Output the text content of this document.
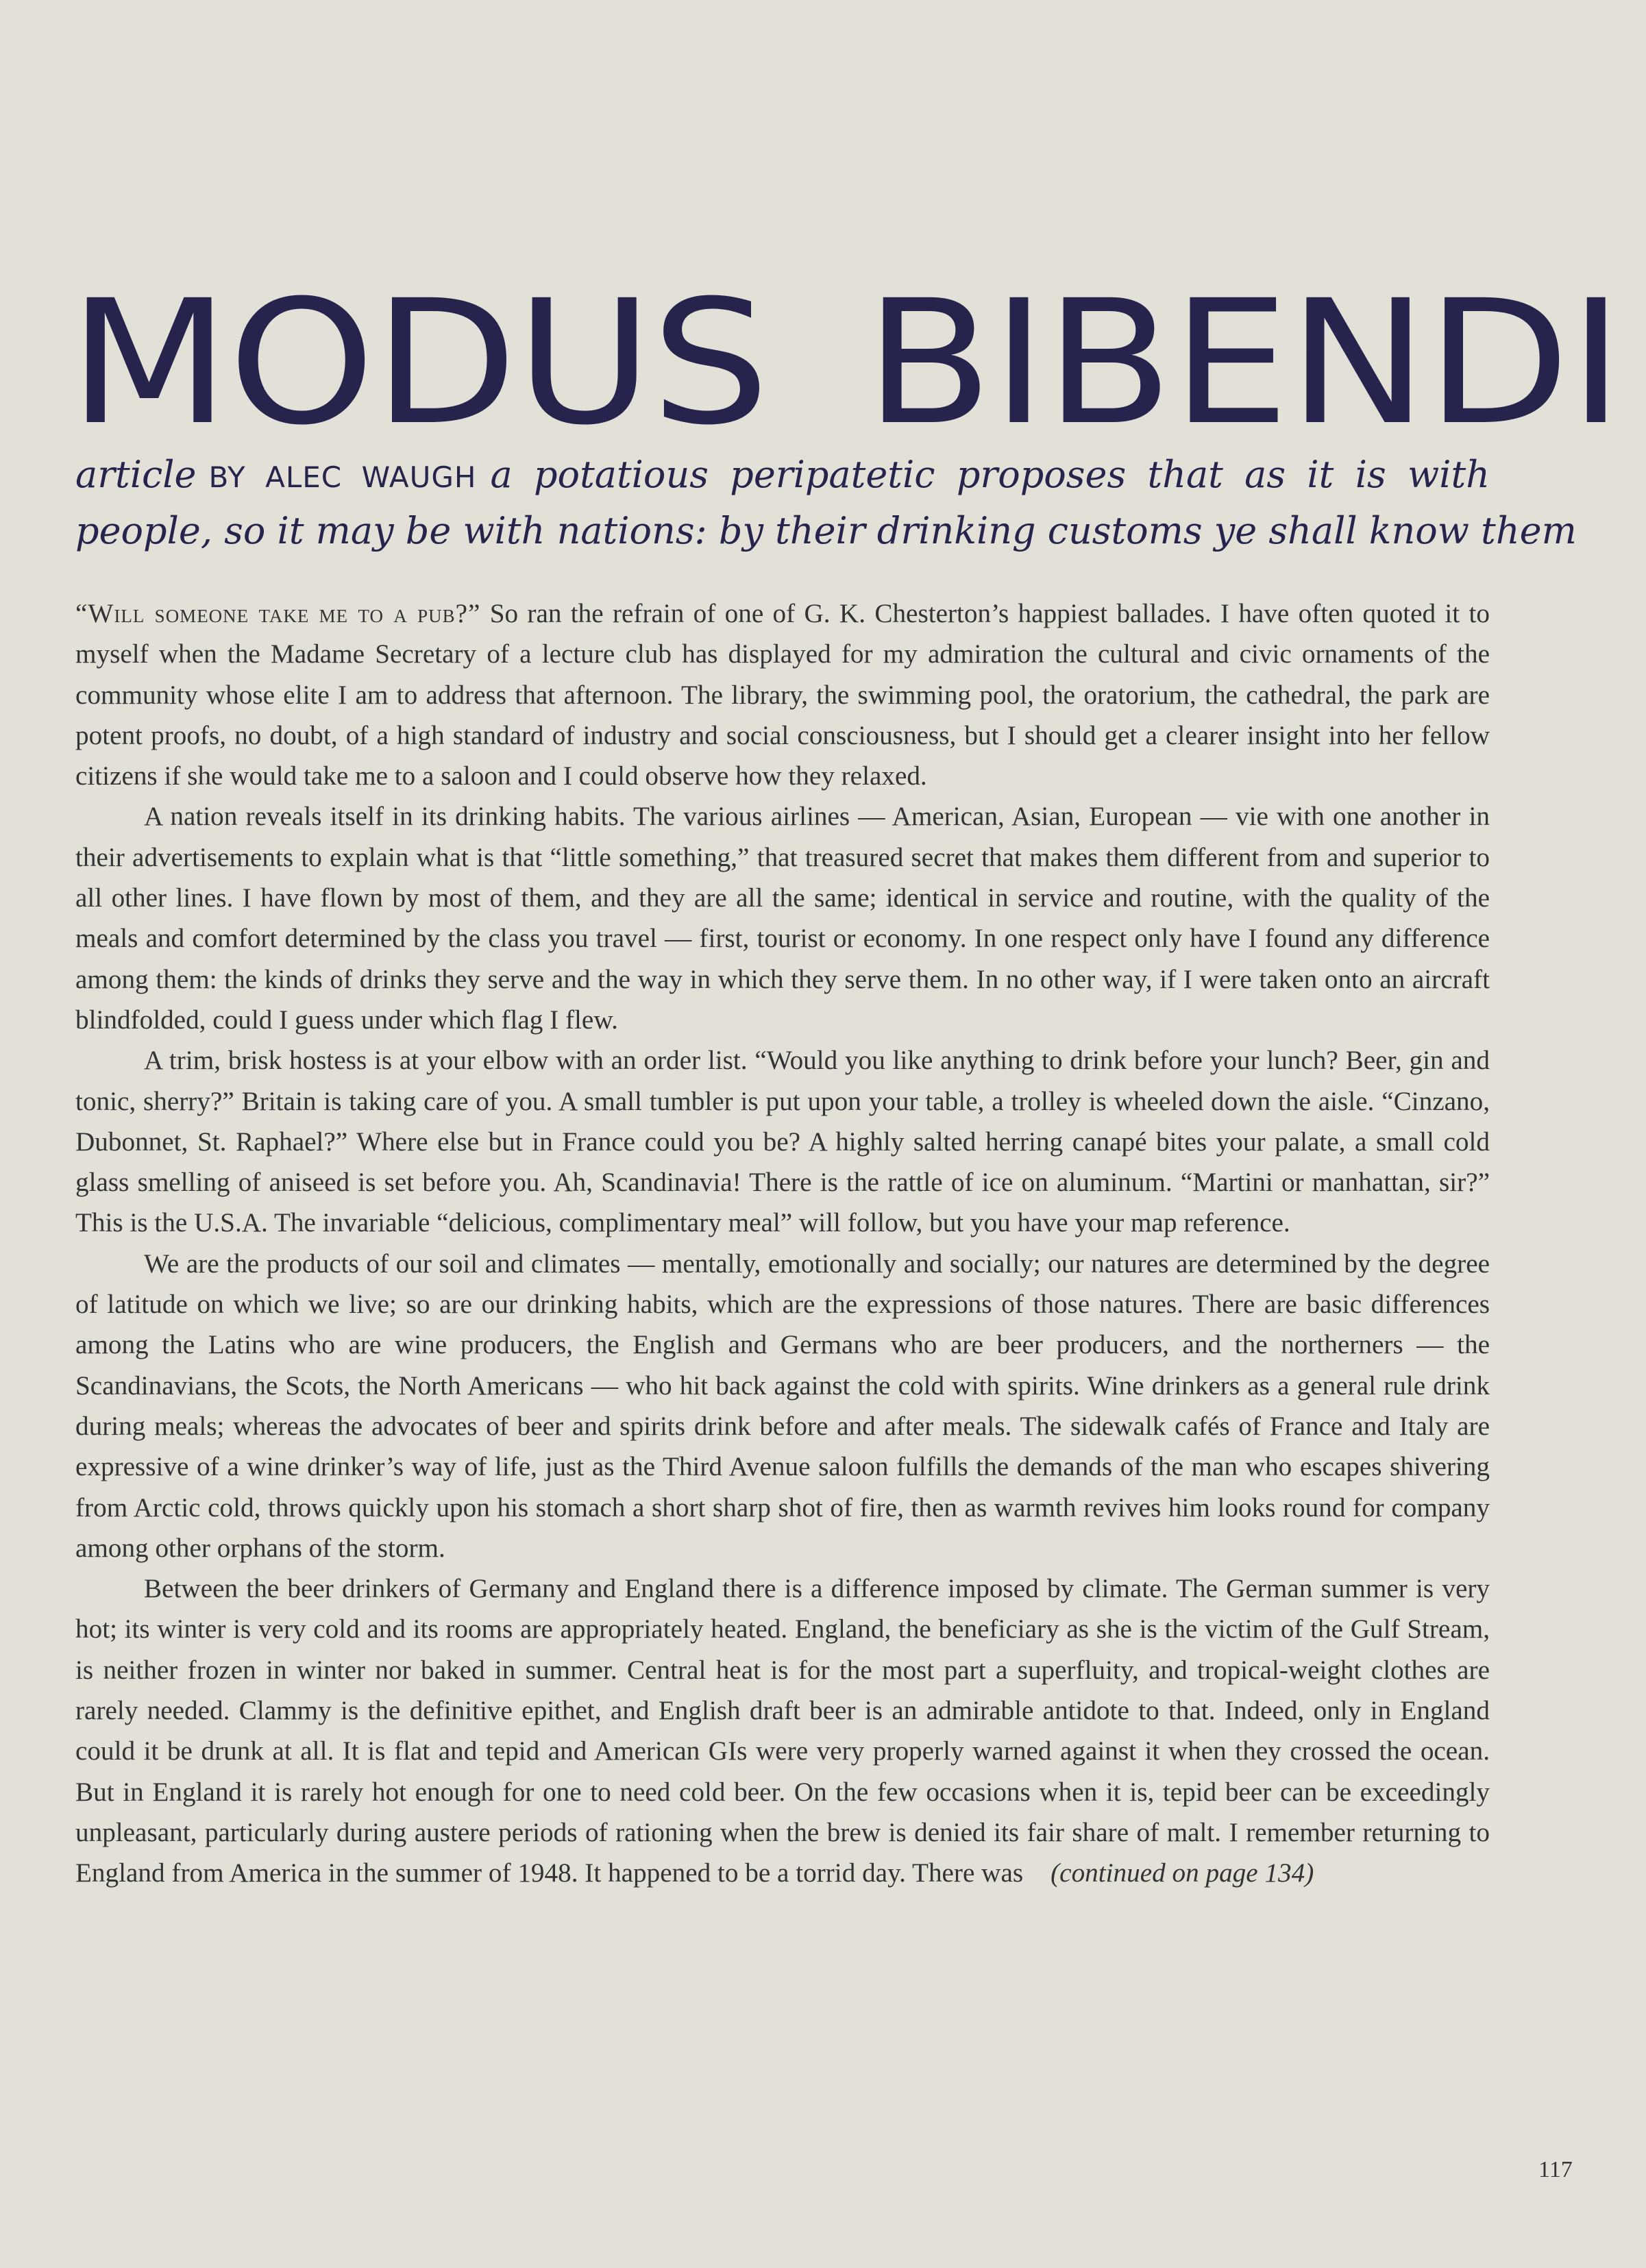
MODUS BIBENDI
article BY ALEC WAUGH a potatious peripatetic proposes that as it is with
people, so it may be with nations: by their drinking customs ye shall know them

“Will someone take me to a pub?” So ran the refrain of one of G. K. Chesterton’s happiest ballades. I have often quoted it to myself when the Madame Secretary of a lecture club has displayed for my admiration the cultural and civic ornaments of the community whose elite I am to address that afternoon. The library, the swimming pool, the oratorium, the cathedral, the park are potent proofs, no doubt, of a high standard of industry and social consciousness, but I should get a clearer insight into her fellow citizens if she would take me to a saloon and I could observe how they relaxed.

A nation reveals itself in its drinking habits. The various airlines — American, Asian, European — vie with one another in their advertisements to explain what is that “little something,” that treasured secret that makes them different from and superior to all other lines. I have flown by most of them, and they are all the same; identical in service and routine, with the quality of the meals and comfort determined by the class you travel — first, tourist or economy. In one respect only have I found any difference among them: the kinds of drinks they serve and the way in which they serve them. In no other way, if I were taken onto an aircraft blindfolded, could I guess under which flag I flew.

A trim, brisk hostess is at your elbow with an order list. “Would you like anything to drink before your lunch? Beer, gin and tonic, sherry?” Britain is taking care of you. A small tumbler is put upon your table, a trolley is wheeled down the aisle. “Cinzano, Dubonnet, St. Raphael?” Where else but in France could you be? A highly salted herring canapé bites your palate, a small cold glass smelling of aniseed is set before you. Ah, Scandinavia! There is the rattle of ice on aluminum. “Martini or manhattan, sir?” This is the U.S.A. The invariable “delicious, complimentary meal” will follow, but you have your map reference.

We are the products of our soil and climates — mentally, emotionally and socially; our natures are determined by the degree of latitude on which we live; so are our drinking habits, which are the expressions of those natures. There are basic differences among the Latins who are wine producers, the English and Germans who are beer producers, and the northerners — the Scandinavians, the Scots, the North Americans — who hit back against the cold with spirits. Wine drinkers as a general rule drink during meals; whereas the advocates of beer and spirits drink before and after meals. The sidewalk cafés of France and Italy are expressive of a wine drinker’s way of life, just as the Third Avenue saloon fulfills the demands of the man who escapes shivering from Arctic cold, throws quickly upon his stomach a short sharp shot of fire, then as warmth revives him looks round for company among other orphans of the storm.

Between the beer drinkers of Germany and England there is a difference imposed by climate. The German summer is very hot; its winter is very cold and its rooms are appropriately heated. England, the beneficiary as she is the victim of the Gulf Stream, is neither frozen in winter nor baked in summer. Central heat is for the most part a superfluity, and tropical-weight clothes are rarely needed. Clammy is the definitive epithet, and English draft beer is an admirable antidote to that. Indeed, only in England could it be drunk at all. It is flat and tepid and American GIs were very properly warned against it when they crossed the ocean. But in England it is rarely hot enough for one to need cold beer. On the few occasions when it is, tepid beer can be exceedingly unpleasant, particularly during austere periods of rationing when the brew is denied its fair share of malt. I remember returning to England from America in the summer of 1948. It happened to be a torrid day. There was (continued on page 134)

117
